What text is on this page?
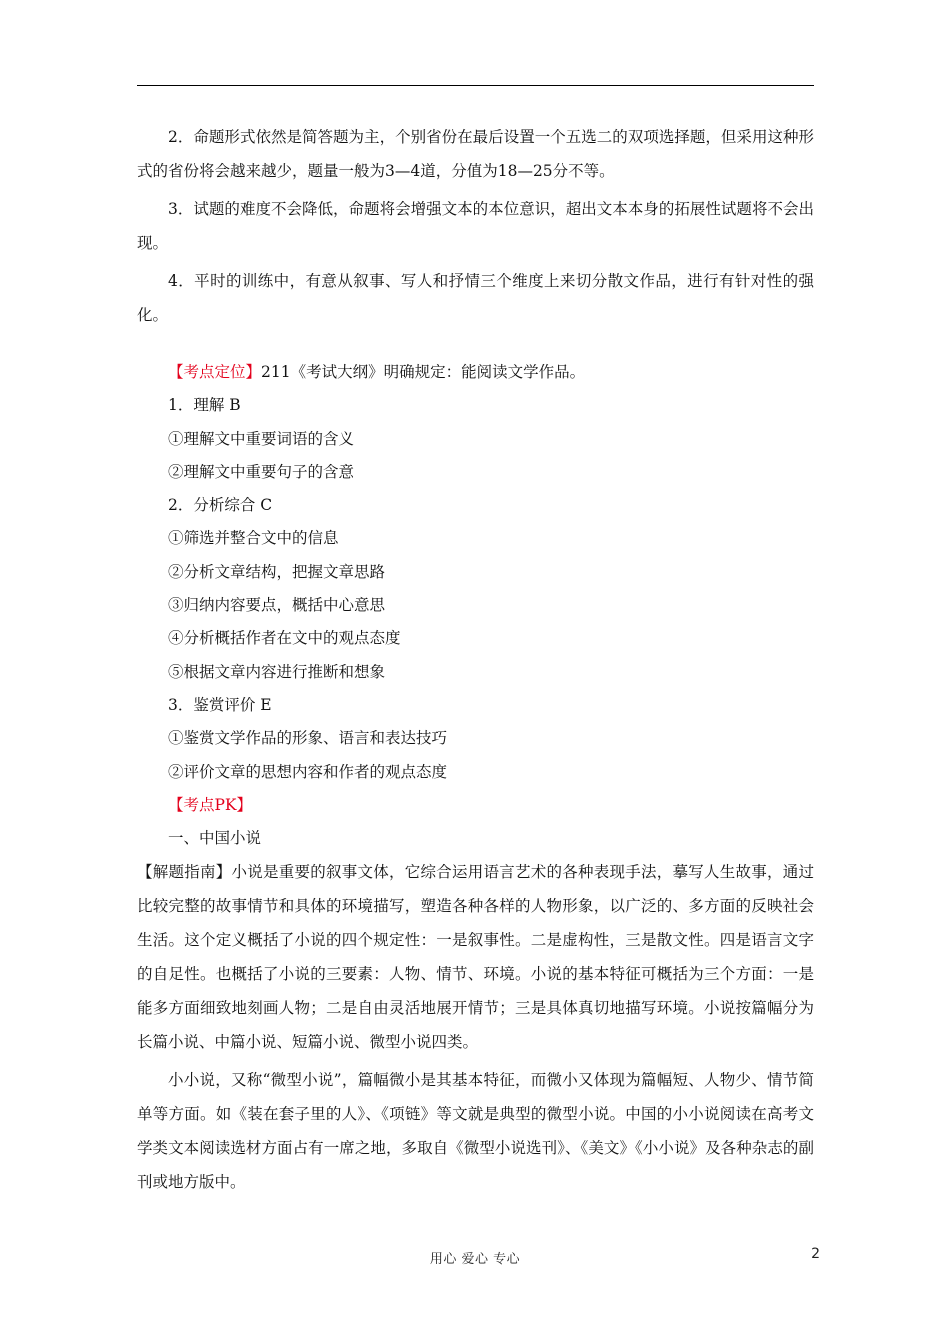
2．命题形式依然是简答题为主，个别省份在最后设置一个五选二的双项选择题，但采用这种形式的省份将会越来越少，题量一般为3—4道，分值为18—25分不等。

3．试题的难度不会降低，命题将会增强文本的本位意识，超出文本本身的拓展性试题将不会出现。

4．平时的训练中，有意从叙事、写人和抒情三个维度上来切分散文作品，进行有针对性的强化。

【考点定位】211《考试大纲》明确规定：能阅读文学作品。

1．理解 B

①理解文中重要词语的含义

②理解文中重要句子的含意

2．分析综合 C

①筛选并整合文中的信息

②分析文章结构，把握文章思路

③归纳内容要点，概括中心意思

④分析概括作者在文中的观点态度

⑤根据文章内容进行推断和想象

3．鉴赏评价 E

①鉴赏文学作品的形象、语言和表达技巧

②评价文章的思想内容和作者的观点态度

【考点PK】

一、中国小说

【解题指南】小说是重要的叙事文体，它综合运用语言艺术的各种表现手法，摹写人生故事，通过比较完整的故事情节和具体的环境描写，塑造各种各样的人物形象，以广泛的、多方面的反映社会生活。这个定义概括了小说的四个规定性：一是叙事性。二是虚构性，三是散文性。四是语言文字的自足性。也概括了小说的三要素：人物、情节、环境。小说的基本特征可概括为三个方面：一是能多方面细致地刻画人物；二是自由灵活地展开情节；三是具体真切地描写环境。小说按篇幅分为长篇小说、中篇小说、短篇小说、微型小说四类。

小小说，又称“微型小说”，篇幅微小是其基本特征，而微小又体现为篇幅短、人物少、情节简单等方面。如《装在套子里的人》、《项链》等文就是典型的微型小说。中国的小小说阅读在高考文学类文本阅读选材方面占有一席之地，多取自《微型小说选刊》、《美文》《小小说》及各种杂志的副刊或地方版中。

用心 爱心 专心	2
